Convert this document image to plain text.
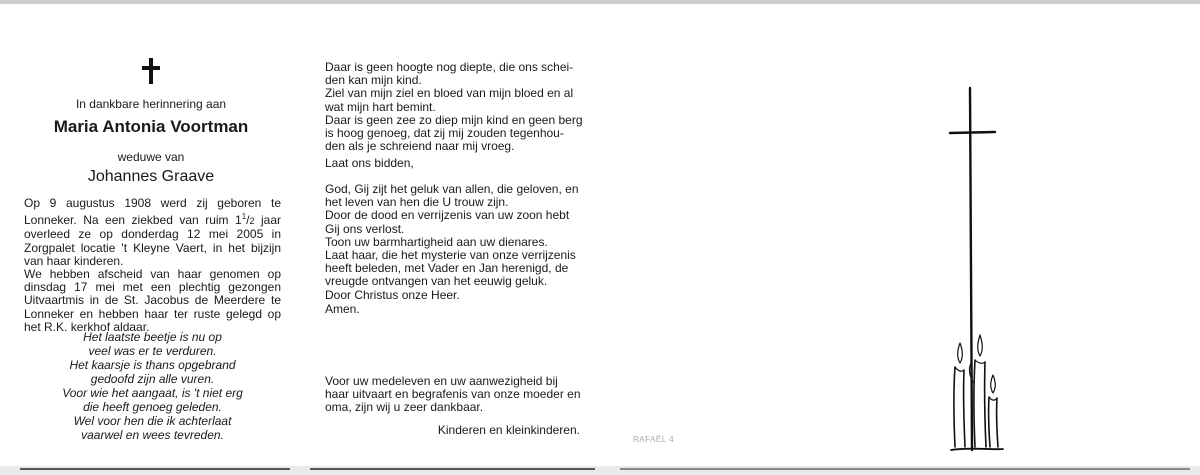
In dankbare herinnering aan
Maria Antonia Voortman
weduwe van
Johannes Graave

Op 9 augustus 1908 werd zij geboren te Lonneker. Na een ziekbed van ruim $1^1/2$ jaar overleed ze op donderdag 12 mei 2005 in Zorgpalet locatie 't Kleyne Vaert, in het bijzijn van haar kinderen.

We hebben afscheid van haar genomen op dinsdag 17 mei met een plechtig gezongen Uitvaartmis in de St. Jacobus de Meerdere te Lonneker en hebben haar ter ruste gelegd op het R.K. kerkhof aldaar.

Het laatste beetje is nu op
veel was er te verduren.
Het kaarsje is thans opgebrand
gedoofd zijn alle vuren.
Voor wie het aangaat, is 't niet erg
die heeft genoeg geleden.
Wel voor hen die ik achterlaat
vaarwel en wees tevreden.
Daar is geen hoogte nog diepte, die ons schei-
den kan mijn kind.
Ziel van mijn ziel en bloed van mijn bloed en al
wat mijn hart bemint.
Daar is geen zee zo diep mijn kind en geen berg
is hoog genoeg, dat zij mij zouden tegenhou-
den als je schreiend naar mij vroeg.
Laat ons bidden,
God, Gij zijt het geluk van allen, die geloven, en
het leven van hen die U trouw zijn.
Door de dood en verrijzenis van uw zoon hebt
Gij ons verlost.
Toon uw barmhartigheid aan uw dienares.
Laat haar, die het mysterie van onze verrijzenis
heeft beleden, met Vader en Jan herenigd, de
vreugde ontvangen van het eeuwig geluk.
Door Christus onze Heer.
Amen.
Voor uw medeleven en uw aanwezigheid bij
haar uitvaart en begrafenis van onze moeder en
oma, zijn wij u zeer dankbaar.
Kinderen en kleinkinderen.
RAFAËL 4
